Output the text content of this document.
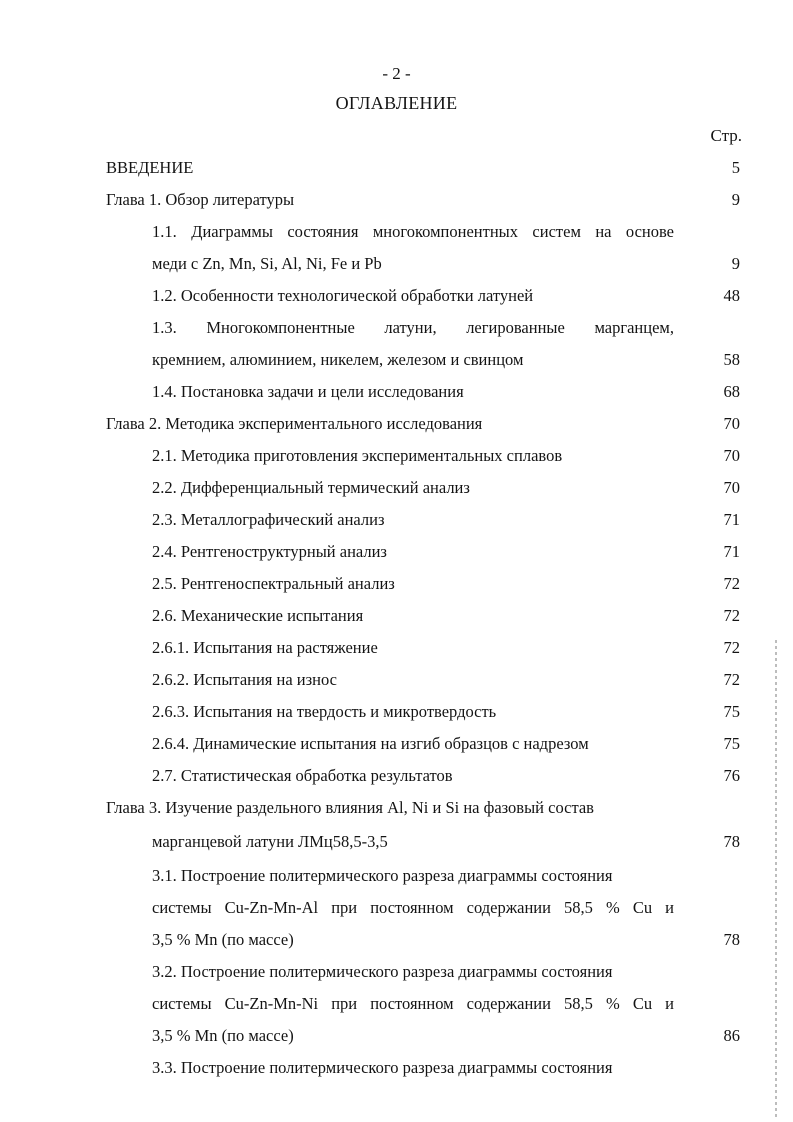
- 2 -
ОГЛАВЛЕНИЕ
Стр.
ВВЕДЕНИЕ	5
Глава 1. Обзор литературы	9
1.1. Диаграммы состояния многокомпонентных систем на основе
меди с Zn, Mn, Si, Al, Ni, Fe и Pb	9
1.2. Особенности технологической обработки латуней	48
1.3. Многокомпонентные латуни, легированные марганцем,
кремнием, алюминием, никелем, железом и свинцом	58
1.4. Постановка задачи и цели исследования	68
Глава 2. Методика экспериментального исследования	70
2.1. Методика приготовления экспериментальных сплавов	70
2.2. Дифференциальный термический анализ	70
2.3. Металлографический анализ	71
2.4. Рентгеноструктурный анализ	71
2.5. Рентгеноспектральный анализ	72
2.6. Механические испытания	72
2.6.1. Испытания на растяжение	72
2.6.2. Испытания на износ	72
2.6.3. Испытания на твердость и микротвердость	75
2.6.4. Динамические испытания на изгиб образцов с надрезом	75
2.7. Статистическая обработка результатов	76
Глава 3. Изучение раздельного влияния Al, Ni и Si на фазовый состав
марганцевой латуни ЛМц58,5-3,5	78
3.1. Построение политермического разреза диаграммы состояния
системы Cu-Zn-Mn-Al при постоянном содержании 58,5 % Cu и
3,5 % Mn (по массе)	78
3.2. Построение политермического разреза диаграммы состояния
системы Cu-Zn-Mn-Ni при постоянном содержании 58,5 % Cu и
3,5 % Mn (по массе)	86
3.3. Построение политермического разреза диаграммы состояния
